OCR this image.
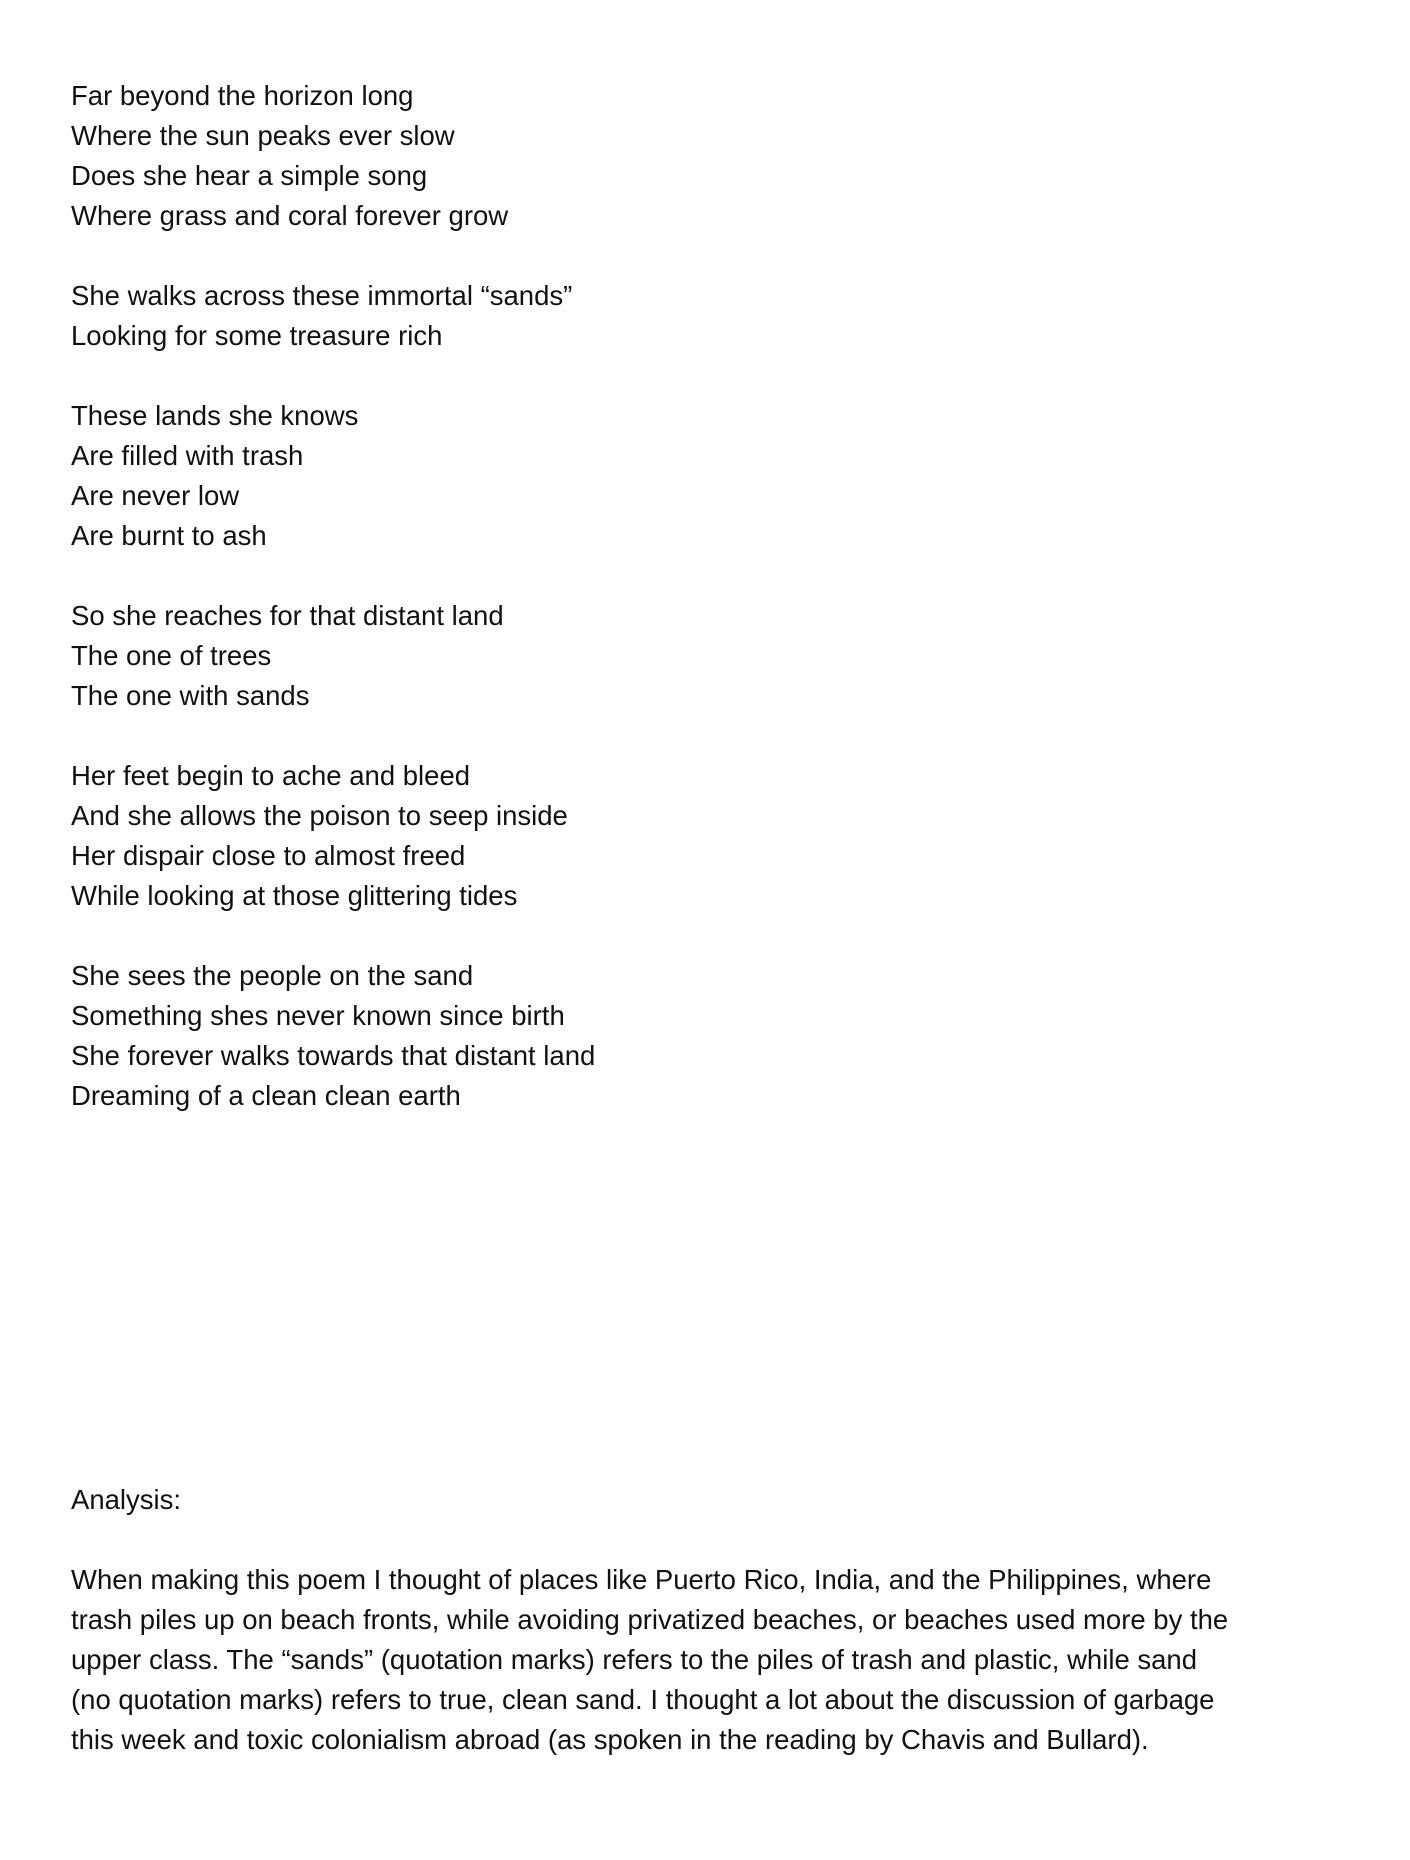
Far beyond the horizon long
Where the sun peaks ever slow
Does she hear a simple song
Where grass and coral forever grow
She walks across these immortal “sands”
Looking for some treasure rich
These lands she knows
Are filled with trash
Are never low
Are burnt to ash
So she reaches for that distant land
The one of trees
The one with sands
Her feet begin to ache and bleed
And she allows the poison to seep inside
Her dispair close to almost freed
While looking at those glittering tides
She sees the people on the sand
Something shes never known since birth
She forever walks towards that distant land
Dreaming of a clean clean earth
Analysis:
When making this poem I thought of places like Puerto Rico, India, and the Philippines, where
trash piles up on beach fronts, while avoiding privatized beaches, or beaches used more by the
upper class. The “sands” (quotation marks) refers to the piles of trash and plastic, while sand
(no quotation marks) refers to true, clean sand. I thought a lot about the discussion of garbage
this week and toxic colonialism abroad (as spoken in the reading by Chavis and Bullard).
